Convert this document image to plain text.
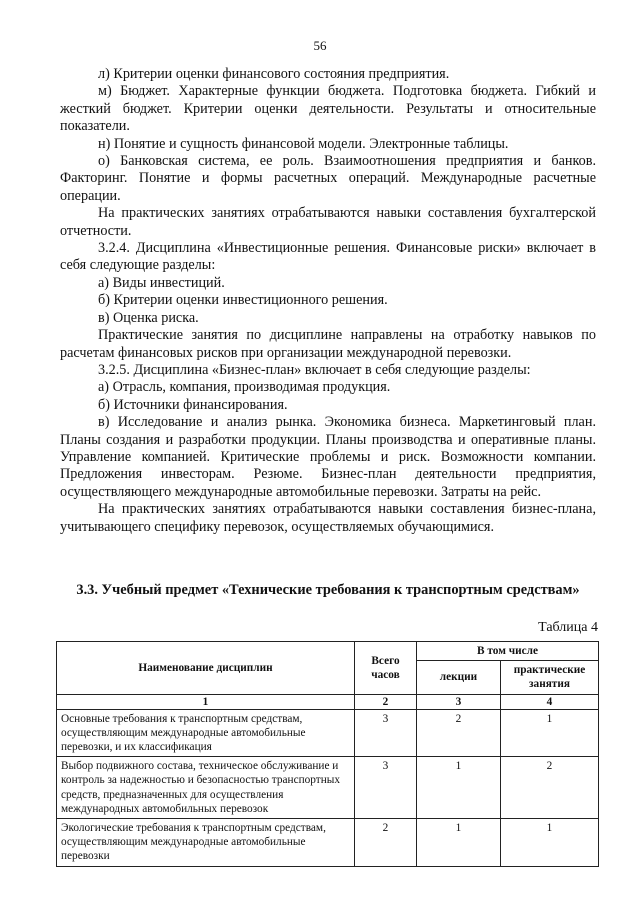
56

л) Критерии оценки финансового состояния предприятия.

м) Бюджет. Характерные функции бюджета. Подготовка бюджета. Гибкий и жесткий бюджет. Критерии оценки деятельности. Результаты и относительные показатели.

н) Понятие и сущность финансовой модели. Электронные таблицы.

о) Банковская система, ее роль. Взаимоотношения предприятия и банков. Факторинг. Понятие и формы расчетных операций. Международные расчетные операции.

На практических занятиях отрабатываются навыки составления бухгалтерской отчетности.

3.2.4. Дисциплина «Инвестиционные решения. Финансовые риски» включает в себя следующие разделы:

а) Виды инвестиций.

б) Критерии оценки инвестиционного решения.

в) Оценка риска.

Практические занятия по дисциплине направлены на отработку навыков по расчетам финансовых рисков при организации международной перевозки.

3.2.5. Дисциплина «Бизнес-план» включает в себя следующие разделы:

а) Отрасль, компания, производимая продукция.

б) Источники финансирования.

в) Исследование и анализ рынка. Экономика бизнеса. Маркетинговый план. Планы создания и разработки продукции. Планы производства и оперативные планы. Управление компанией. Критические проблемы и риск. Возможности компании. Предложения инвесторам. Резюме. Бизнес-план деятельности предприятия, осуществляющего международные автомобильные перевозки. Затраты на рейс.

На практических занятиях отрабатываются навыки составления бизнес-плана, учитывающего специфику перевозок, осуществляемых обучающимися.

3.3. Учебный предмет «Технические требования к транспортным средствам»
Таблица 4
Наименование дисциплин	Всего часов	В том числе	
		лекции	практические занятия
1	2	3	4
Основные требования к транспортным средствам, осуществляющим международные автомобильные перевозки, и их классификация	3	2	1
Выбор подвижного состава, техническое обслуживание и контроль за надежностью и безопасностью транспортных средств, предназначенных для осуществления международных автомобильных перевозок	3	1	2
Экологические требования к транспортным средствам, осуществляющим международные автомобильные перевозки	2	1	1
